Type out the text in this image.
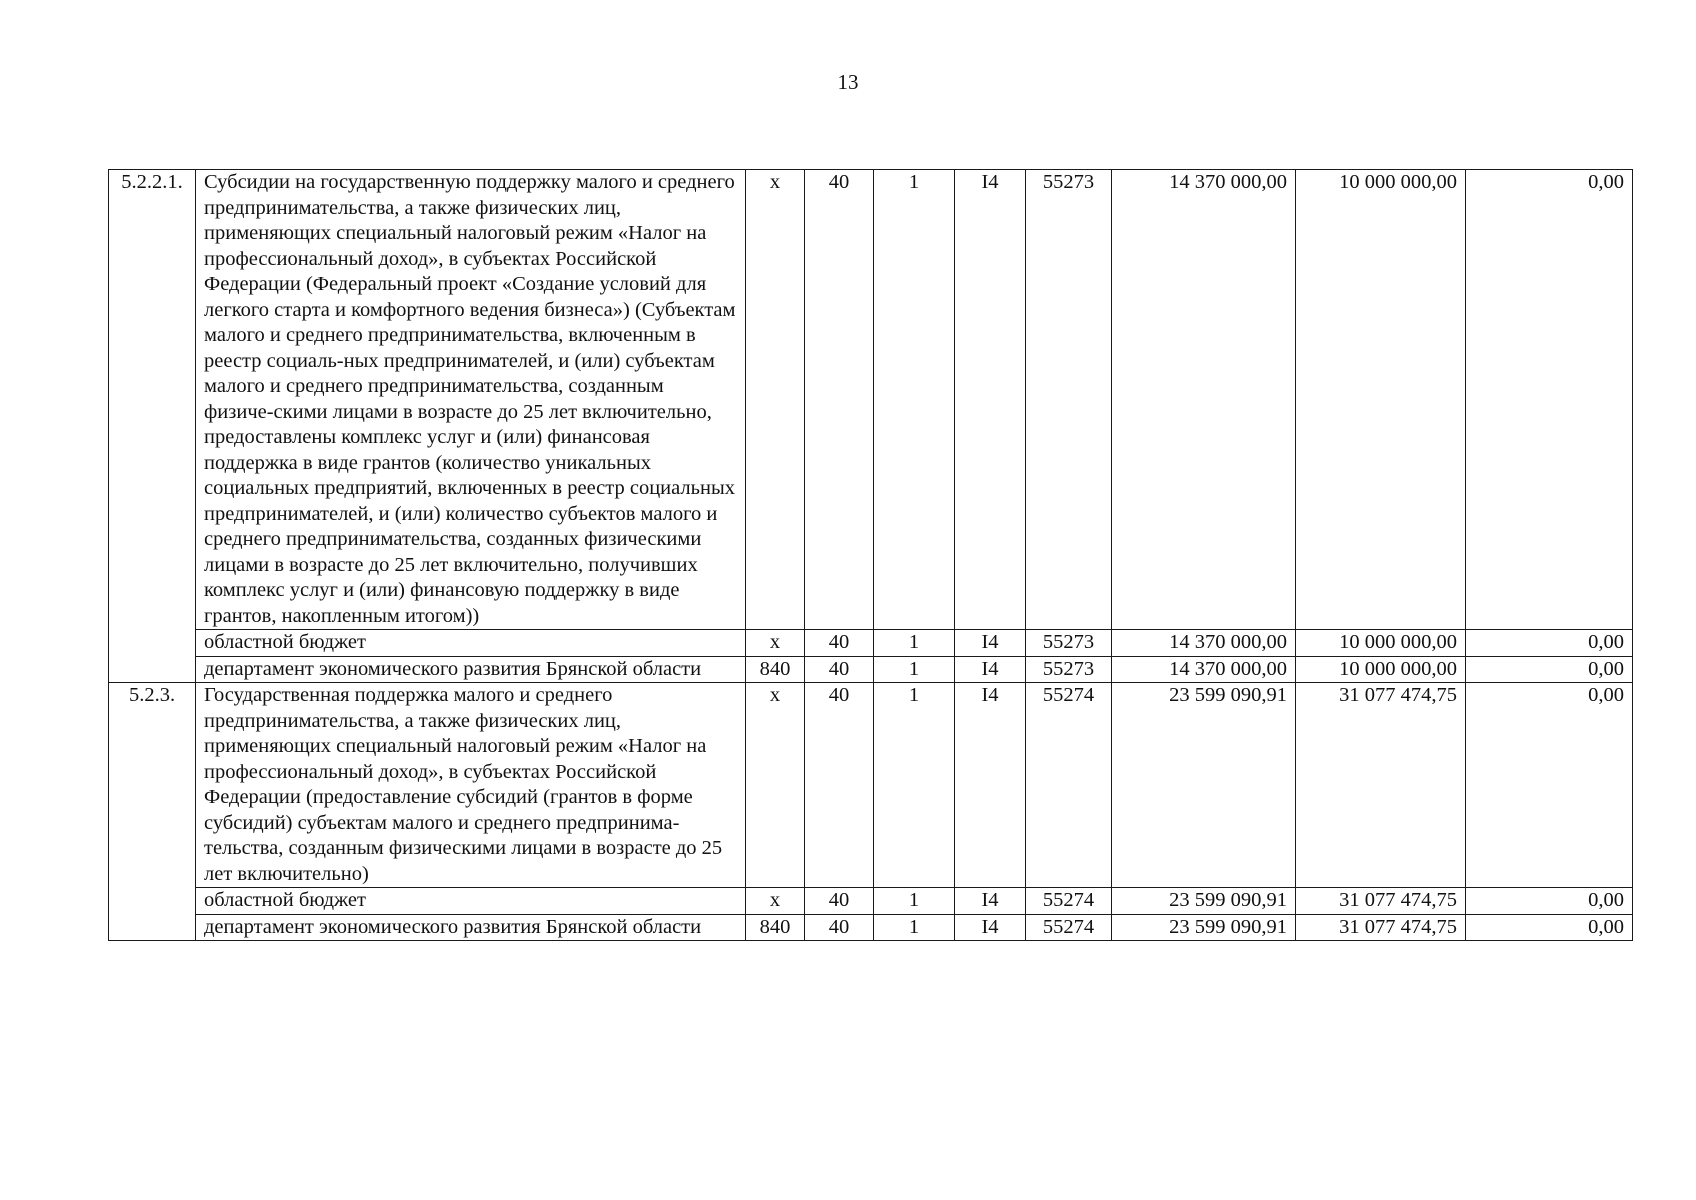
13
5.2.2.1.	Субсидии на государственную поддержку малого и среднего предпринимательства, а также физических лиц, применяющих специальный налоговый режим «Налог на профессиональный доход», в субъектах Российской Федерации (Федеральный проект «Создание условий для легкого старта и комфортного ведения бизнеса») (Субъектам малого и среднего предпринимательства, включенным в реестр социаль-ных предпринимателей, и (или) субъектам малого и среднего предпринимательства, созданным физиче-скими лицами в возрасте до 25 лет включительно, предоставлены комплекс услуг и (или) финансовая поддержка в виде грантов (количество уникальных социальных предприятий, включенных в реестр социальных предпринимателей, и (или) количество субъектов малого и среднего предпринимательства, созданных физическими лицами в возрасте до 25 лет включительно, получивших комплекс услуг и (или) финансовую поддержку в виде грантов, накопленным итогом))	х	40	1	I4	55273	14 370 000,00	10 000 000,00	0,00
	областной бюджет	х	40	1	I4	55273	14 370 000,00	10 000 000,00	0,00
	департамент экономического развития Брянской области	840	40	1	I4	55273	14 370 000,00	10 000 000,00	0,00
5.2.3.	Государственная поддержка малого и среднего предпринимательства, а также физических лиц, применяющих специальный налоговый режим «Налог на профессиональный доход», в субъектах Российской Федерации (предоставление субсидий (грантов в форме субсидий) субъектам малого и среднего предпринима-тельства, созданным физическими лицами в возрасте до 25 лет включительно)	х	40	1	I4	55274	23 599 090,91	31 077 474,75	0,00
	областной бюджет	х	40	1	I4	55274	23 599 090,91	31 077 474,75	0,00
	департамент экономического развития Брянской области	840	40	1	I4	55274	23 599 090,91	31 077 474,75	0,00
